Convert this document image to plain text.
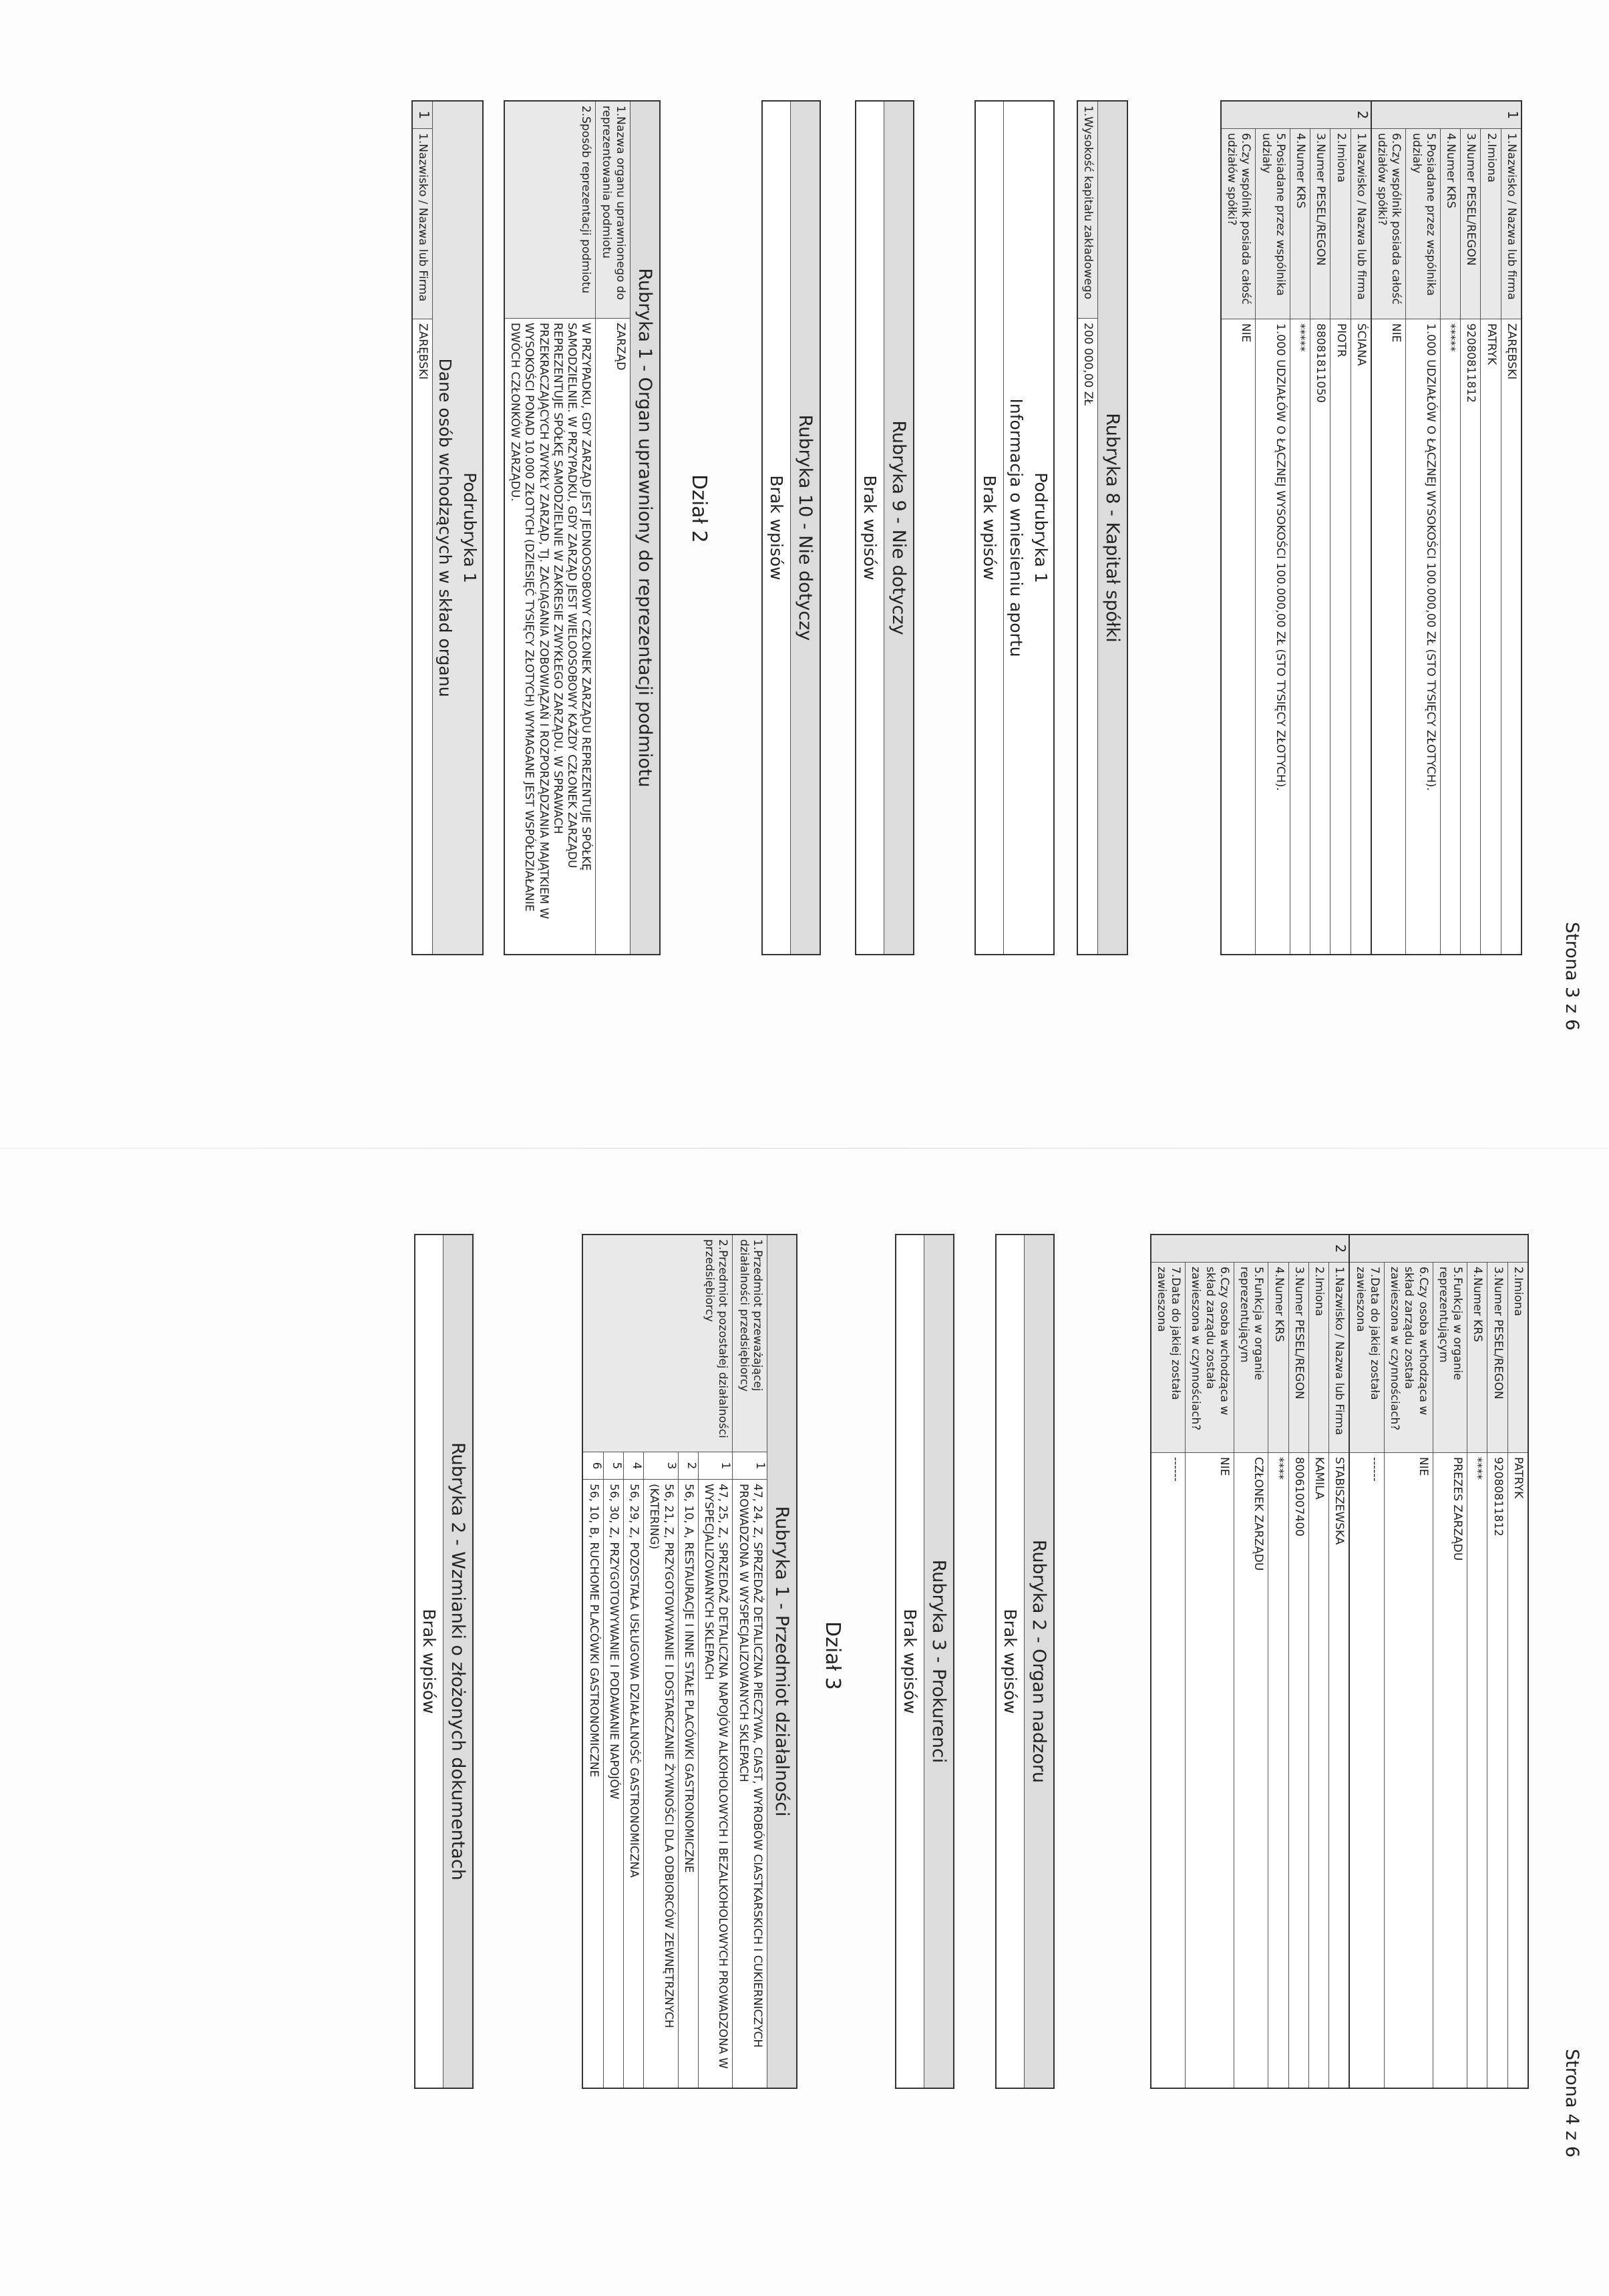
Strona 3 z 6
1
1.Nazwisko / Nazwa lub firma
ZARĘBSKI
2.Imiona
PATRYK
3.Numer PESEL/REGON
92080811812
4.Numer KRS
*****
5.Posiadane przez wspólnika udziały
1.000 UDZIAŁÓW O ŁĄCZNEJ WYSOKOŚCI 100.000,00 ZŁ (STO TYSIĘCY ZŁOTYCH).
6.Czy wspólnik posiada całość udziałów spółki?
NIE
2
1.Nazwisko / Nazwa lub firma
ŚCIANA
2.Imiona
PIOTR
3.Numer PESEL/REGON
88081811050
4.Numer KRS
*****
5.Posiadane przez wspólnika udziały
1.000 UDZIAŁÓW O ŁĄCZNEJ WYSOKOŚCI 100.000,00 ZŁ (STO TYSIĘCY ZŁOTYCH).
6.Czy wspólnik posiada całość udziałów spółki?
NIE
Rubryka 8 - Kapitał spółki
1.Wysokość kapitału zakładowego
200 000,00 ZŁ
Podrubryka 1
Informacja o wniesieniu aportu
Brak wpisów
Rubryka 9 - Nie dotyczy
Brak wpisów
Rubryka 10 - Nie dotyczy
Brak wpisów
Dział 2
Rubryka 1 - Organ uprawniony do reprezentacji podmiotu
1.Nazwa organu uprawnionego do reprezentowania podmiotu
ZARZĄD
2.Sposób reprezentacji podmiotu
W PRZYPADKU, GDY ZARZĄD JEST JEDNOOSOBOWY CZŁONEK ZARZĄDU REPREZENTUJE SPÓŁKĘ SAMODZIELNIE. W PRZYPADKU, GDY ZARZĄD JEST WIELOOSOBOWY KAŻDY CZŁONEK ZARZĄDU REPREZENTUJE SPÓŁKĘ SAMODZIELNIE W ZAKRESIE ZWYKŁEGO ZARZĄDU. W SPRAWACH PRZEKRACZAJĄCYCH ZWYKŁY ZARZĄD, TJ. ZACIĄGANIA ZOBOWIĄZAŃ I ROZPORZĄDZANIA MAJĄTKIEM W WYSOKOŚCI PONAD 10.000 ZŁOTYCH (DZIESIĘĆ TYSIĘCY ZŁOTYCH) WYMAGANE JEST WSPÓŁDZIAŁANIE DWÓCH CZŁONKÓW ZARZĄDU.
Podrubryka 1
Dane osób wchodzących w skład organu
1
1.Nazwisko / Nazwa lub Firma
ZARĘBSKI
Strona 4 z 6
2.Imiona
PATRYK
3.Numer PESEL/REGON
92080811812
4.Numer KRS
****
5.Funkcja w organie reprezentującym
PREZES ZARZĄDU
6.Czy osoba wchodząca w skład zarządu została zawieszona w czynnościach?
NIE
7.Data do jakiej została zawieszona
------
2
1.Nazwisko / Nazwa lub Firma
STABISZEWSKA
2.Imiona
KAMILA
3.Numer PESEL/REGON
80061007400
4.Numer KRS
****
5.Funkcja w organie reprezentującym
CZŁONEK ZARZĄDU
6.Czy osoba wchodząca w skład zarządu została zawieszona w czynnościach?
NIE
7.Data do jakiej została zawieszona
------
Rubryka 2 - Organ nadzoru
Brak wpisów
Rubryka 3 - Prokurenci
Brak wpisów
Dział 3
Rubryka 1 - Przedmiot działalności
1.Przedmiot przeważającej działalności przedsiębiorcy
1
47, 24, Z, SPRZEDAŻ DETALICZNA PIECZYWA, CIAST, WYROBÓW CIASTKARSKICH I CUKIERNICZYCH PROWADZONA W WYSPECJALIZOWANYCH SKLEPACH
2.Przedmiot pozostałej działalności przedsiębiorcy
1
47, 25, Z, SPRZEDAŻ DETALICZNA NAPOJÓW ALKOHOLOWYCH I BEZALKOHOLOWYCH PROWADZONA W WYSPECJALIZOWANYCH SKLEPACH
2
56, 10, A, RESTAURACJE I INNE STAŁE PLACÓWKI GASTRONOMICZNE
3
56, 21, Z, PRZYGOTOWYWANIE I DOSTARCZANIE ŻYWNOŚCI DLA ODBIORCÓW ZEWNĘTRZNYCH (KATERING)
4
56, 29, Z, POZOSTAŁA USŁUGOWA DZIAŁALNOŚĆ GASTRONOMICZNA
5
56, 30, Z, PRZYGOTOWYWANIE I PODAWANIE NAPOJÓW
6
56, 10, B, RUCHOME PLACÓWKI GASTRONOMICZNE
Rubryka 2 - Wzmianki o złożonych dokumentach
Brak wpisów
